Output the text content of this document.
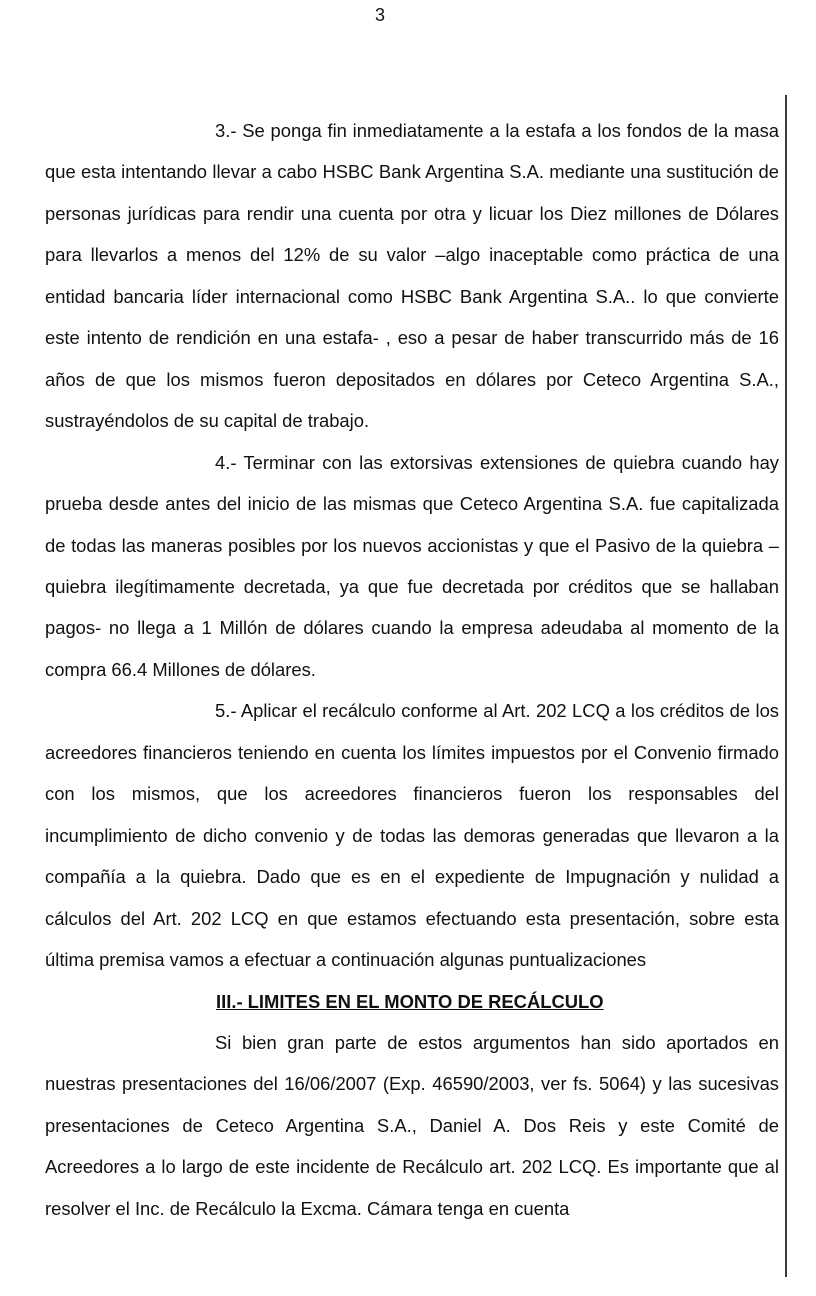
3

3.- Se ponga fin inmediatamente a la estafa a los fondos de la masa que esta intentando llevar a cabo HSBC Bank Argentina S.A. mediante una sustitución de personas jurídicas para rendir una cuenta por otra y licuar los Diez millones de Dólares para llevarlos a menos del 12% de su valor –algo inaceptable como práctica de una entidad bancaria líder internacional como HSBC Bank Argentina S.A.. lo que convierte este intento de rendición en una estafa- , eso a pesar de haber transcurrido más de 16 años de que los mismos fueron depositados en dólares por Ceteco Argentina S.A., sustrayéndolos de su capital de trabajo.

4.- Terminar con las extorsivas extensiones de quiebra cuando hay prueba desde antes del inicio de las mismas que Ceteco Argentina S.A. fue capitalizada de todas las maneras posibles por los nuevos accionistas y que el Pasivo de la quiebra –quiebra ilegítimamente decretada, ya que fue decretada por créditos que se hallaban pagos- no llega a 1 Millón de dólares cuando la empresa adeudaba al momento de la compra 66.4 Millones de dólares.

5.- Aplicar el recálculo conforme al Art. 202 LCQ a los créditos de los acreedores financieros teniendo en cuenta los límites impuestos por el Convenio firmado con los mismos, que los acreedores financieros fueron los responsables del incumplimiento de dicho convenio y de todas las demoras generadas que llevaron a la compañía a la quiebra. Dado que es en el expediente de Impugnación y nulidad a cálculos del Art. 202 LCQ en que estamos efectuando esta presentación, sobre esta última premisa vamos a efectuar a continuación algunas puntualizaciones

III.- LIMITES EN EL MONTO DE RECÁLCULO

Si bien gran parte de estos argumentos han sido aportados en nuestras presentaciones del 16/06/2007 (Exp. 46590/2003, ver fs. 5064) y las sucesivas presentaciones de Ceteco Argentina S.A., Daniel A. Dos Reis y este Comité de Acreedores a lo largo de este incidente de Recálculo art. 202 LCQ. Es importante que al resolver el Inc. de Recálculo la Excma. Cámara tenga en cuenta
